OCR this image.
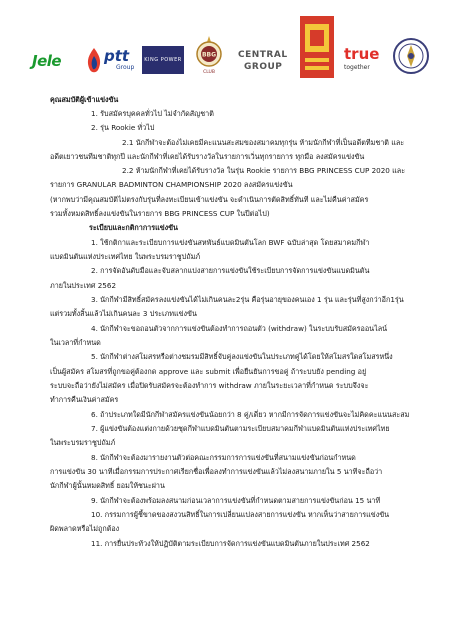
Jele	ptt
Group
KING POWER
BBG
CLUB
CENTRAL
GROUP
true
together
คุณสมบัติผู้เข้าแข่งขัน
1. รับสมัครบุคคลทั่วไป ไม่จำกัดสัญชาติ
2. รุ่น Rookie ทั่วไป
2.1 นักกีฬาจะต้องไม่เคยมีคะแนนสะสมของสมาคมทุกรุ่น ห้ามนักกีฬาที่เป็นอดีตทีมชาติ และ
อดีตเยาวชนทีมชาติทุกปี และนักกีฬาที่เคยได้รับรางวัลในรายการเวิ่นทุกรายการ ทุกมือ ลงสมัครแข่งขัน
2.2 ห้ามนักกีฬาที่เคยได้รับรางวัล ในรุ่น Rookie รายการ BBG PRINCESS CUP 2020 และ
รายการ GRANULAR BADMINTON CHAMPIONSHIP 2020 ลงสมัครแข่งขัน
(หากพบว่ามีคุณสมบัติไม่ตรงกับรุ่นที่ลงทะเบียนเข้าแข่งขัน จะดำเนินการตัดสิทธิ์ทันที และไม่คืนค่าสมัคร
รวมทั้งหมดสิทธิ์ลงแข่งขันในรายการ BBG PRINCESS CUP ในปีต่อไป)
ระเบียบและกติกาการแข่งขัน
1. ใช้กติกาและระเบียบการแข่งขันสหพันธ์แบดมินตันโลก BWF ฉบับล่าสุด โดยสมาคมกีฬา
แบดมินตันแห่งประเทศไทย ในพระบรมราชูปถัมภ์
2. การจัดอันดับมือและจับสลากแบ่งสายการแข่งขันใช้ระเบียบการจัดการแข่งขันแบดมินตัน
ภายในประเทศ 2562
3. นักกีฬามีสิทธิ์สมัครลงแข่งขันได้ไม่เกินคนละ2รุ่น คือรุ่นอายุของคนเอง 1 รุ่น และรุ่นที่สูงกว่าอีก1รุ่น
แต่รวมทั้งสิ้นแล้วไม่เกินคนละ 3 ประเภทแข่งขัน
4. นักกีฬาจะขอถอนตัวจากการแข่งขันต้องทำการถอนตัว (withdraw) ในระบบรับสมัครออนไลน์
ในเวลาที่กำหนด
5. นักกีฬาต่างสโมสรหรือต่างชมรมมีสิทธิ์จับคู่ลงแข่งขันในประเภทคู่ได้โดยให้สโมสรใดสโมสรหนึ่ง
เป็นผู้สมัคร สโมสรที่ถูกขอคู่ต้องกด approve และ submit เพื่อยืนยันการขอคู่ ถ้าระบบยัง pending อยู่
ระบบจะถือว่ายังไม่สมัคร เมื่อปิดรับสมัครจะต้องทำการ withdraw ภายในระยะเวลาที่กำหนด ระบบจึงจะ
ทำการคืนเงินค่าสมัคร
6. ถ้าประเภทใดมีนักกีฬาสมัครแข่งขันน้อยกว่า 8 คู่/เดี่ยว หากมีการจัดการแข่งขันจะไม่คิดคะแนนสะสม
7. ผู้แข่งขันต้องแต่งกายด้วยชุดกีฬาแบดมินตันตามระเบียบสมาคมกีฬาแบดมินตันแห่งประเทศไทย
ในพระบรมราชูปถัมภ์
8. นักกีฬาจะต้องมารายงานตัวต่อคณะกรรมการการแข่งขันที่สนามแข่งขันก่อนกำหนด
การแข่งขัน 30 นาทีเมื่อกรรมการประกาศเรียกชื่อเพื่อลงทำการแข่งขันแล้วไม่ลงสนามภายใน 5 นาทีจะถือว่า
นักกีฬาผู้นั้นหมดสิทธิ์ ยอมให้ชนะผ่าน
9. นักกีฬาจะต้องพร้อมลงสนามก่อนเวลาการแข่งขันที่กำหนดตามสายการแข่งขันก่อน 15 นาที
10. กรรมการผู้ชี้ขาดของสงวนสิทธิ์ในการเปลี่ยนแปลงสายการแข่งขัน หากเห็นว่าสายการแข่งขัน
ผิดพลาดหรือไม่ถูกต้อง
11. การยื่นประท้วงให้ปฏิบัติตามระเบียบการจัดการแข่งขันแบดมินตันภายในประเทศ 2562
